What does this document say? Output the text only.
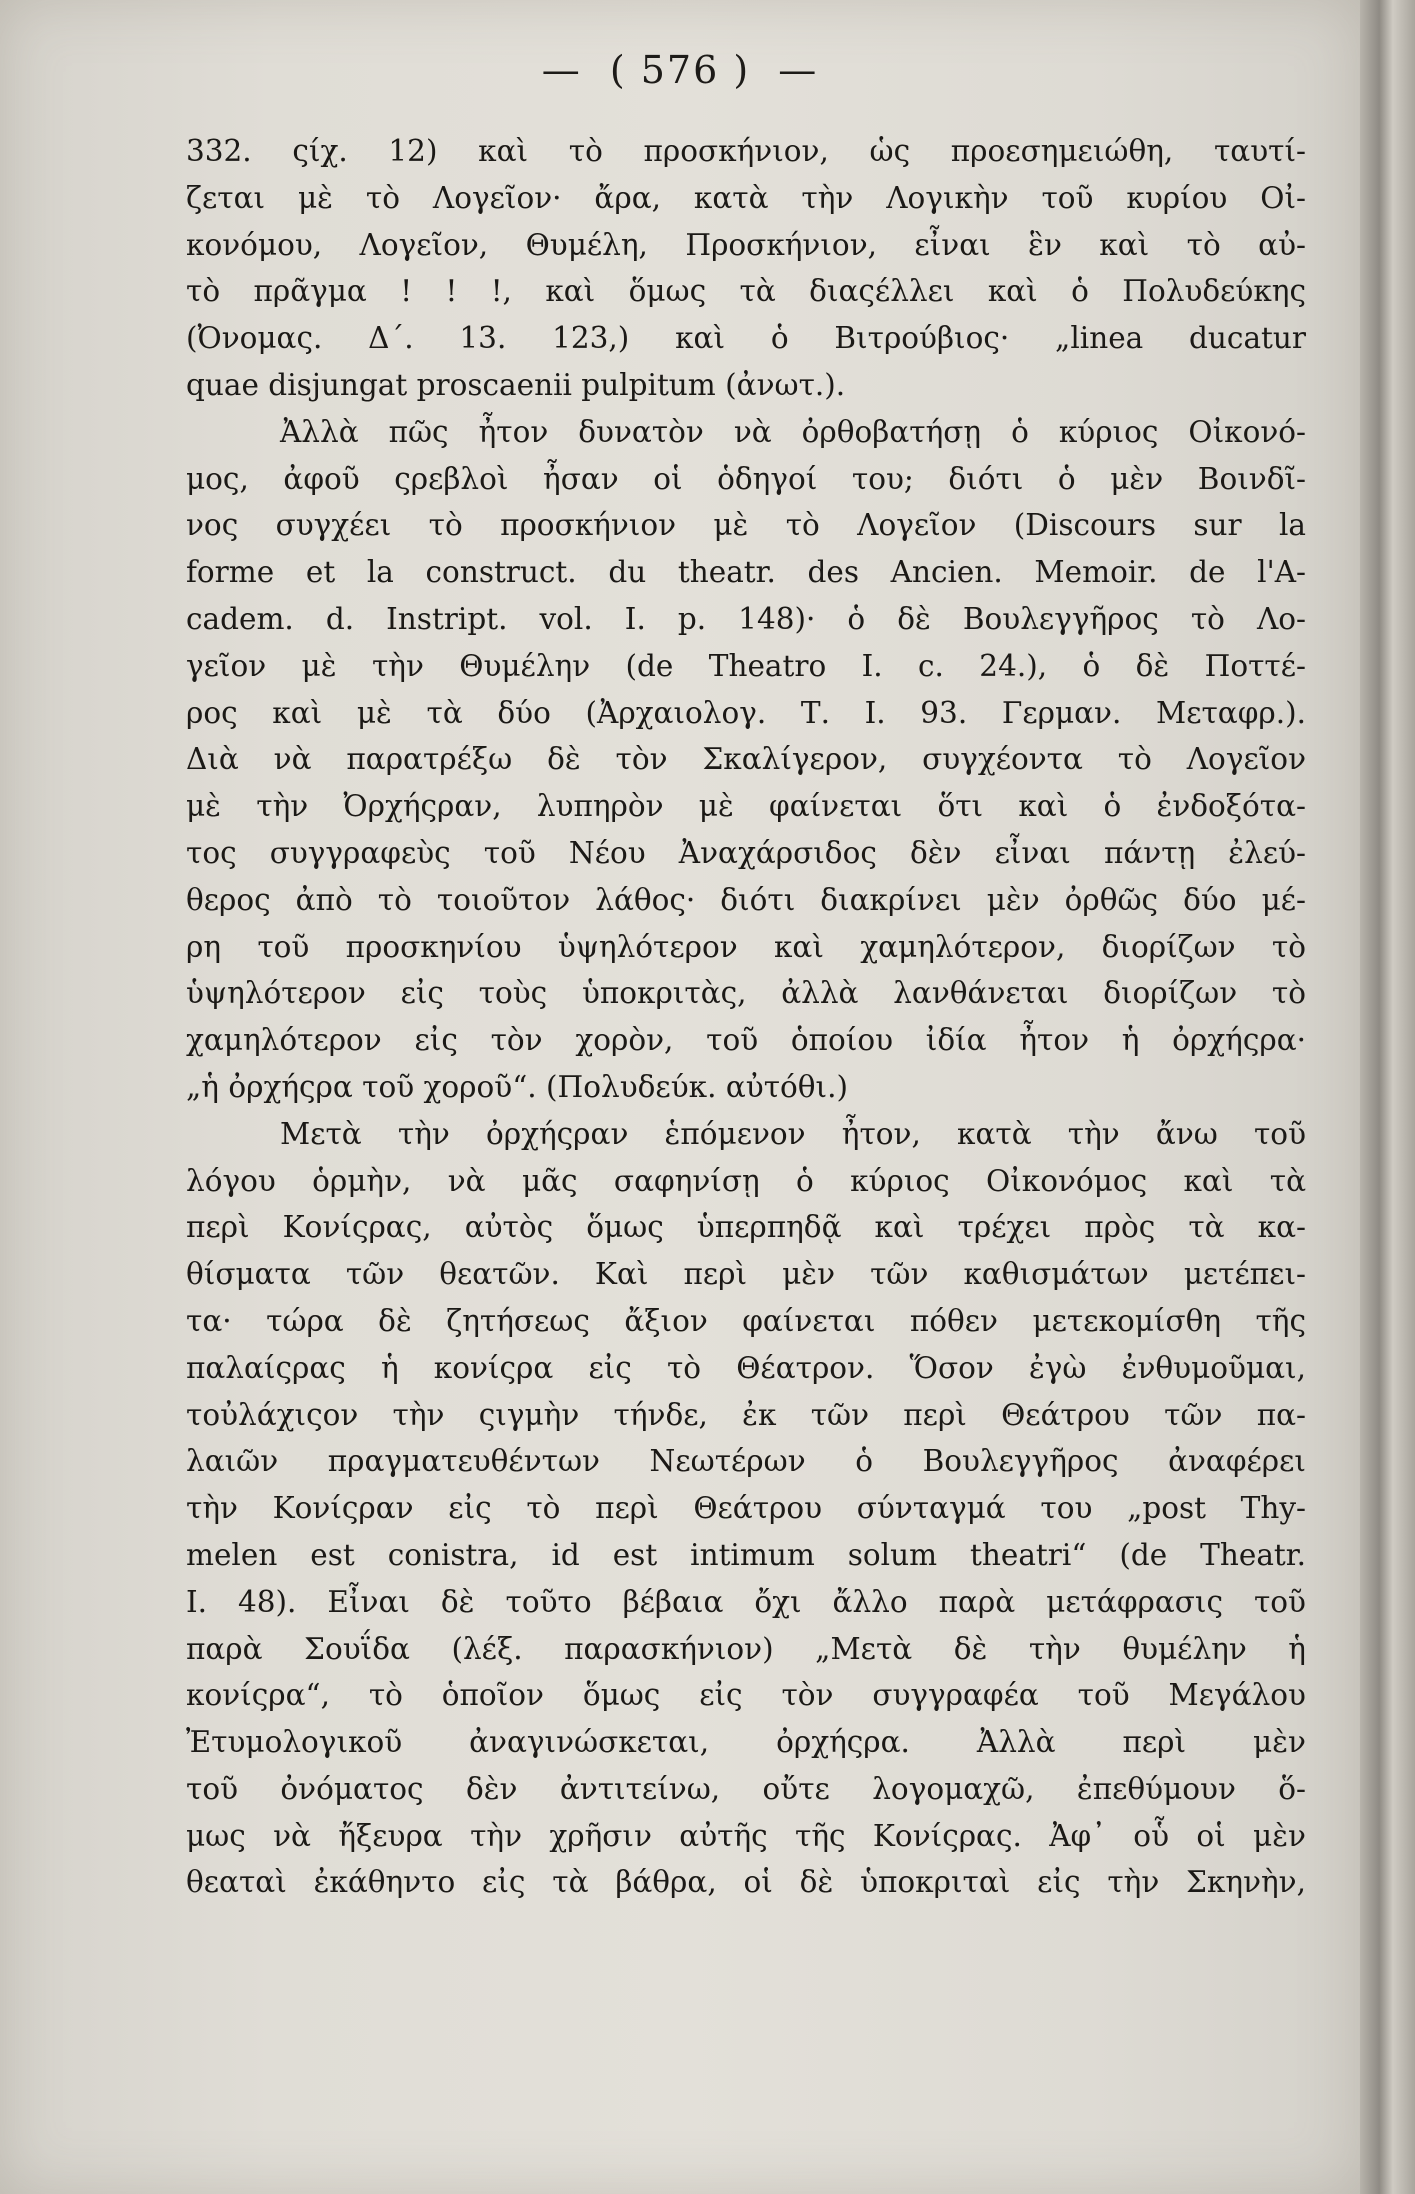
— ( 576 ) —
332. ςίχ. 12) καὶ τὸ προσκήνιον, ὡς προεσημειώθη, ταυτί-
ζεται μὲ τὸ Λογεῖον· ἄρα, κατὰ τὴν Λογικὴν τοῦ κυρίου Οἰ-
κονόμου, Λογεῖον, Θυμέλη, Προσκήνιον, εἶναι ἓν καὶ τὸ αὐ-
τὸ πρᾶγμα ! ! !, καὶ ὅμως τὰ διαςέλλει καὶ ὁ Πολυδεύκης
(Ὀνομας. Δ΄. 13. 123,) καὶ ὁ Βιτρούβιος· „linea ducatur
quae disjungat proscaenii pulpitum (ἀνωτ.).
Ἀλλὰ πῶς ἦτον δυνατὸν νὰ ὀρθοβατήσῃ ὁ κύριος Οἰκονό-
μος, ἀφοῦ ςρεβλοὶ ἦσαν οἱ ὁδηγοί του; διότι ὁ μὲν Βοινδῖ-
νος συγχέει τὸ προσκήνιον μὲ τὸ Λογεῖον (Discours sur la
forme et la construct. du theatr. des Ancien. Memoir. de l'A-
cadem. d. Instript. vol. I. p. 148)· ὁ δὲ Βουλεγγῆρος τὸ Λο-
γεῖον μὲ τὴν Θυμέλην (de Theatro I. c. 24.), ὁ δὲ Ποττέ-
ρος καὶ μὲ τὰ δύο (Ἀρχαιολογ. Τ. I. 93. Γερμαν. Μεταφρ.).
Διὰ νὰ παρατρέξω δὲ τὸν Σκαλίγερον, συγχέοντα τὸ Λογεῖον
μὲ τὴν Ὀρχήςραν, λυπηρὸν μὲ φαίνεται ὅτι καὶ ὁ ἐνδοξότα-
τος συγγραφεὺς τοῦ Νέου Ἀναχάρσιδος δὲν εἶναι πάντῃ ἐλεύ-
θερος ἀπὸ τὸ τοιοῦτον λάθος· διότι διακρίνει μὲν ὀρθῶς δύο μέ-
ρη τοῦ προσκηνίου ὑψηλότερον καὶ χαμηλότερον, διορίζων τὸ
ὑψηλότερον εἰς τοὺς ὑποκριτὰς, ἀλλὰ λανθάνεται διορίζων τὸ
χαμηλότερον εἰς τὸν χορὸν, τοῦ ὁποίου ἰδία ἦτον ἡ ὀρχήςρα·
„ἡ ὀρχήςρα τοῦ χοροῦ“. (Πολυδεύκ. αὐτόθι.)
Μετὰ τὴν ὀρχήςραν ἑπόμενον ἦτον, κατὰ τὴν ἄνω τοῦ
λόγου ὁρμὴν, νὰ μᾶς σαφηνίσῃ ὁ κύριος Οἰκονόμος καὶ τὰ
περὶ Κονίςρας, αὐτὸς ὅμως ὑπερπηδᾷ καὶ τρέχει πρὸς τὰ κα-
θίσματα τῶν θεατῶν. Καὶ περὶ μὲν τῶν καθισμάτων μετέπει-
τα· τώρα δὲ ζητήσεως ἄξιον φαίνεται πόθεν μετεκομίσθη τῆς
παλαίςρας ἡ κονίςρα εἰς τὸ Θέατρον. Ὅσον ἐγὼ ἐνθυμοῦμαι,
τοὐλάχιςον τὴν ςιγμὴν τήνδε, ἐκ τῶν περὶ Θεάτρου τῶν πα-
λαιῶν πραγματευθέντων Νεωτέρων ὁ Βουλεγγῆρος ἀναφέρει
τὴν Κονίςραν εἰς τὸ περὶ Θεάτρου σύνταγμά του „post Thy-
melen est conistra, id est intimum solum theatri“ (de Theatr.
I. 48). Εἶναι δὲ τοῦτο βέβαια ὄχι ἄλλο παρὰ μετάφρασις τοῦ
παρὰ Σουΐδα (λέξ. παρασκήνιον) „Μετὰ δὲ τὴν θυμέλην ἡ
κονίςρα“, τὸ ὁποῖον ὅμως εἰς τὸν συγγραφέα τοῦ Μεγάλου
Ἐτυμολογικοῦ ἀναγινώσκεται, ὀρχήςρα. Ἀλλὰ περὶ μὲν
τοῦ ὀνόματος δὲν ἀντιτείνω, οὔτε λογομαχῶ, ἐπεθύμουν ὅ-
μως νὰ ἤξευρα τὴν χρῆσιν αὐτῆς τῆς Κονίςρας. Ἀφ᾽ οὗ οἱ μὲν
θεαταὶ ἐκάθηντο εἰς τὰ βάθρα, οἱ δὲ ὑποκριταὶ εἰς τὴν Σκηνὴν,
